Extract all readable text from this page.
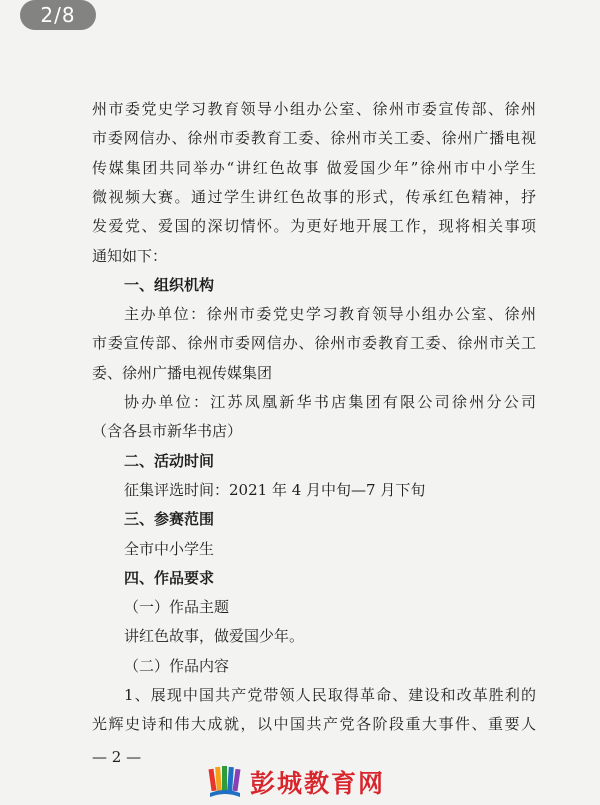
2/8
州市委党史学习教育领导小组办公室、徐州市委宣传部、徐州
市委网信办、徐州市委教育工委、徐州市关工委、徐州广播电视
传媒集团共同举办“讲红色故事 做爱国少年”徐州市中小学生
微视频大赛。通过学生讲红色故事的形式，传承红色精神，抒
发爱党、爱国的深切情怀。为更好地开展工作，现将相关事项
通知如下：
一、组织机构
主办单位：徐州市委党史学习教育领导小组办公室、徐州
市委宣传部、徐州市委网信办、徐州市委教育工委、徐州市关工
委、徐州广播电视传媒集团
协办单位：江苏凤凰新华书店集团有限公司徐州分公司
（含各县市新华书店）
二、活动时间
征集评选时间：2021 年 4 月中旬—7 月下旬
三、参赛范围
全市中小学生
四、作品要求
（一）作品主题
讲红色故事，做爱国少年。
（二）作品内容
1、展现中国共产党带领人民取得革命、建设和改革胜利的
光辉史诗和伟大成就，以中国共产党各阶段重大事件、重要人
— 2 —
彭城教育网
